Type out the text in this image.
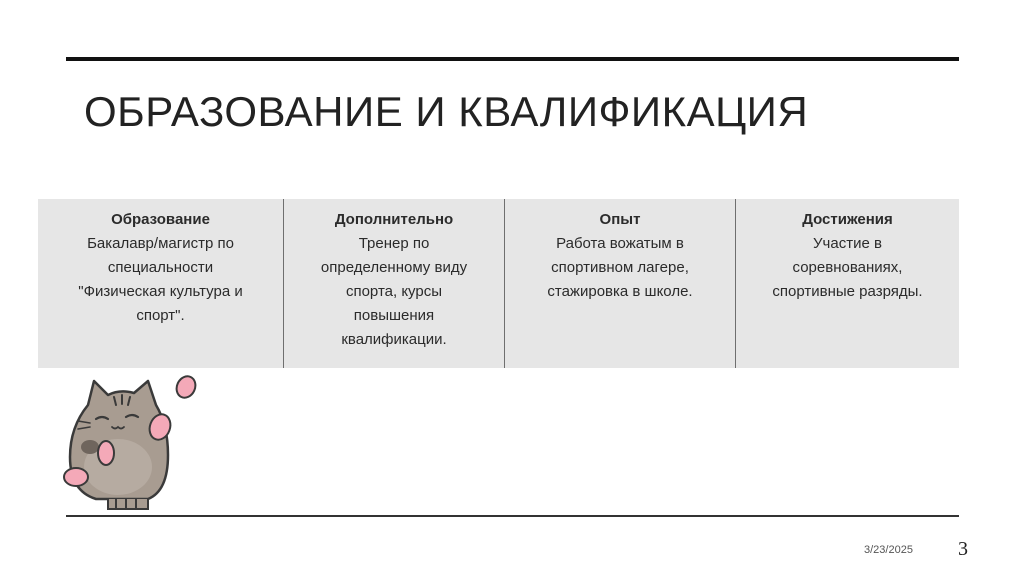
ОБРАЗОВАНИЕ И КВАЛИФИКАЦИЯ
Образование
Бакалавр/магистр по
специальности
"Физическая культура и
спорт".
Дополнительно
Тренер по
определенному виду
спорта, курсы
повышения
квалификации.
Опыт
Работа вожатым в
спортивном лагере,
стажировка в школе.
Достижения
Участие в
соревнованиях,
спортивные разряды.
3/23/2025 3
